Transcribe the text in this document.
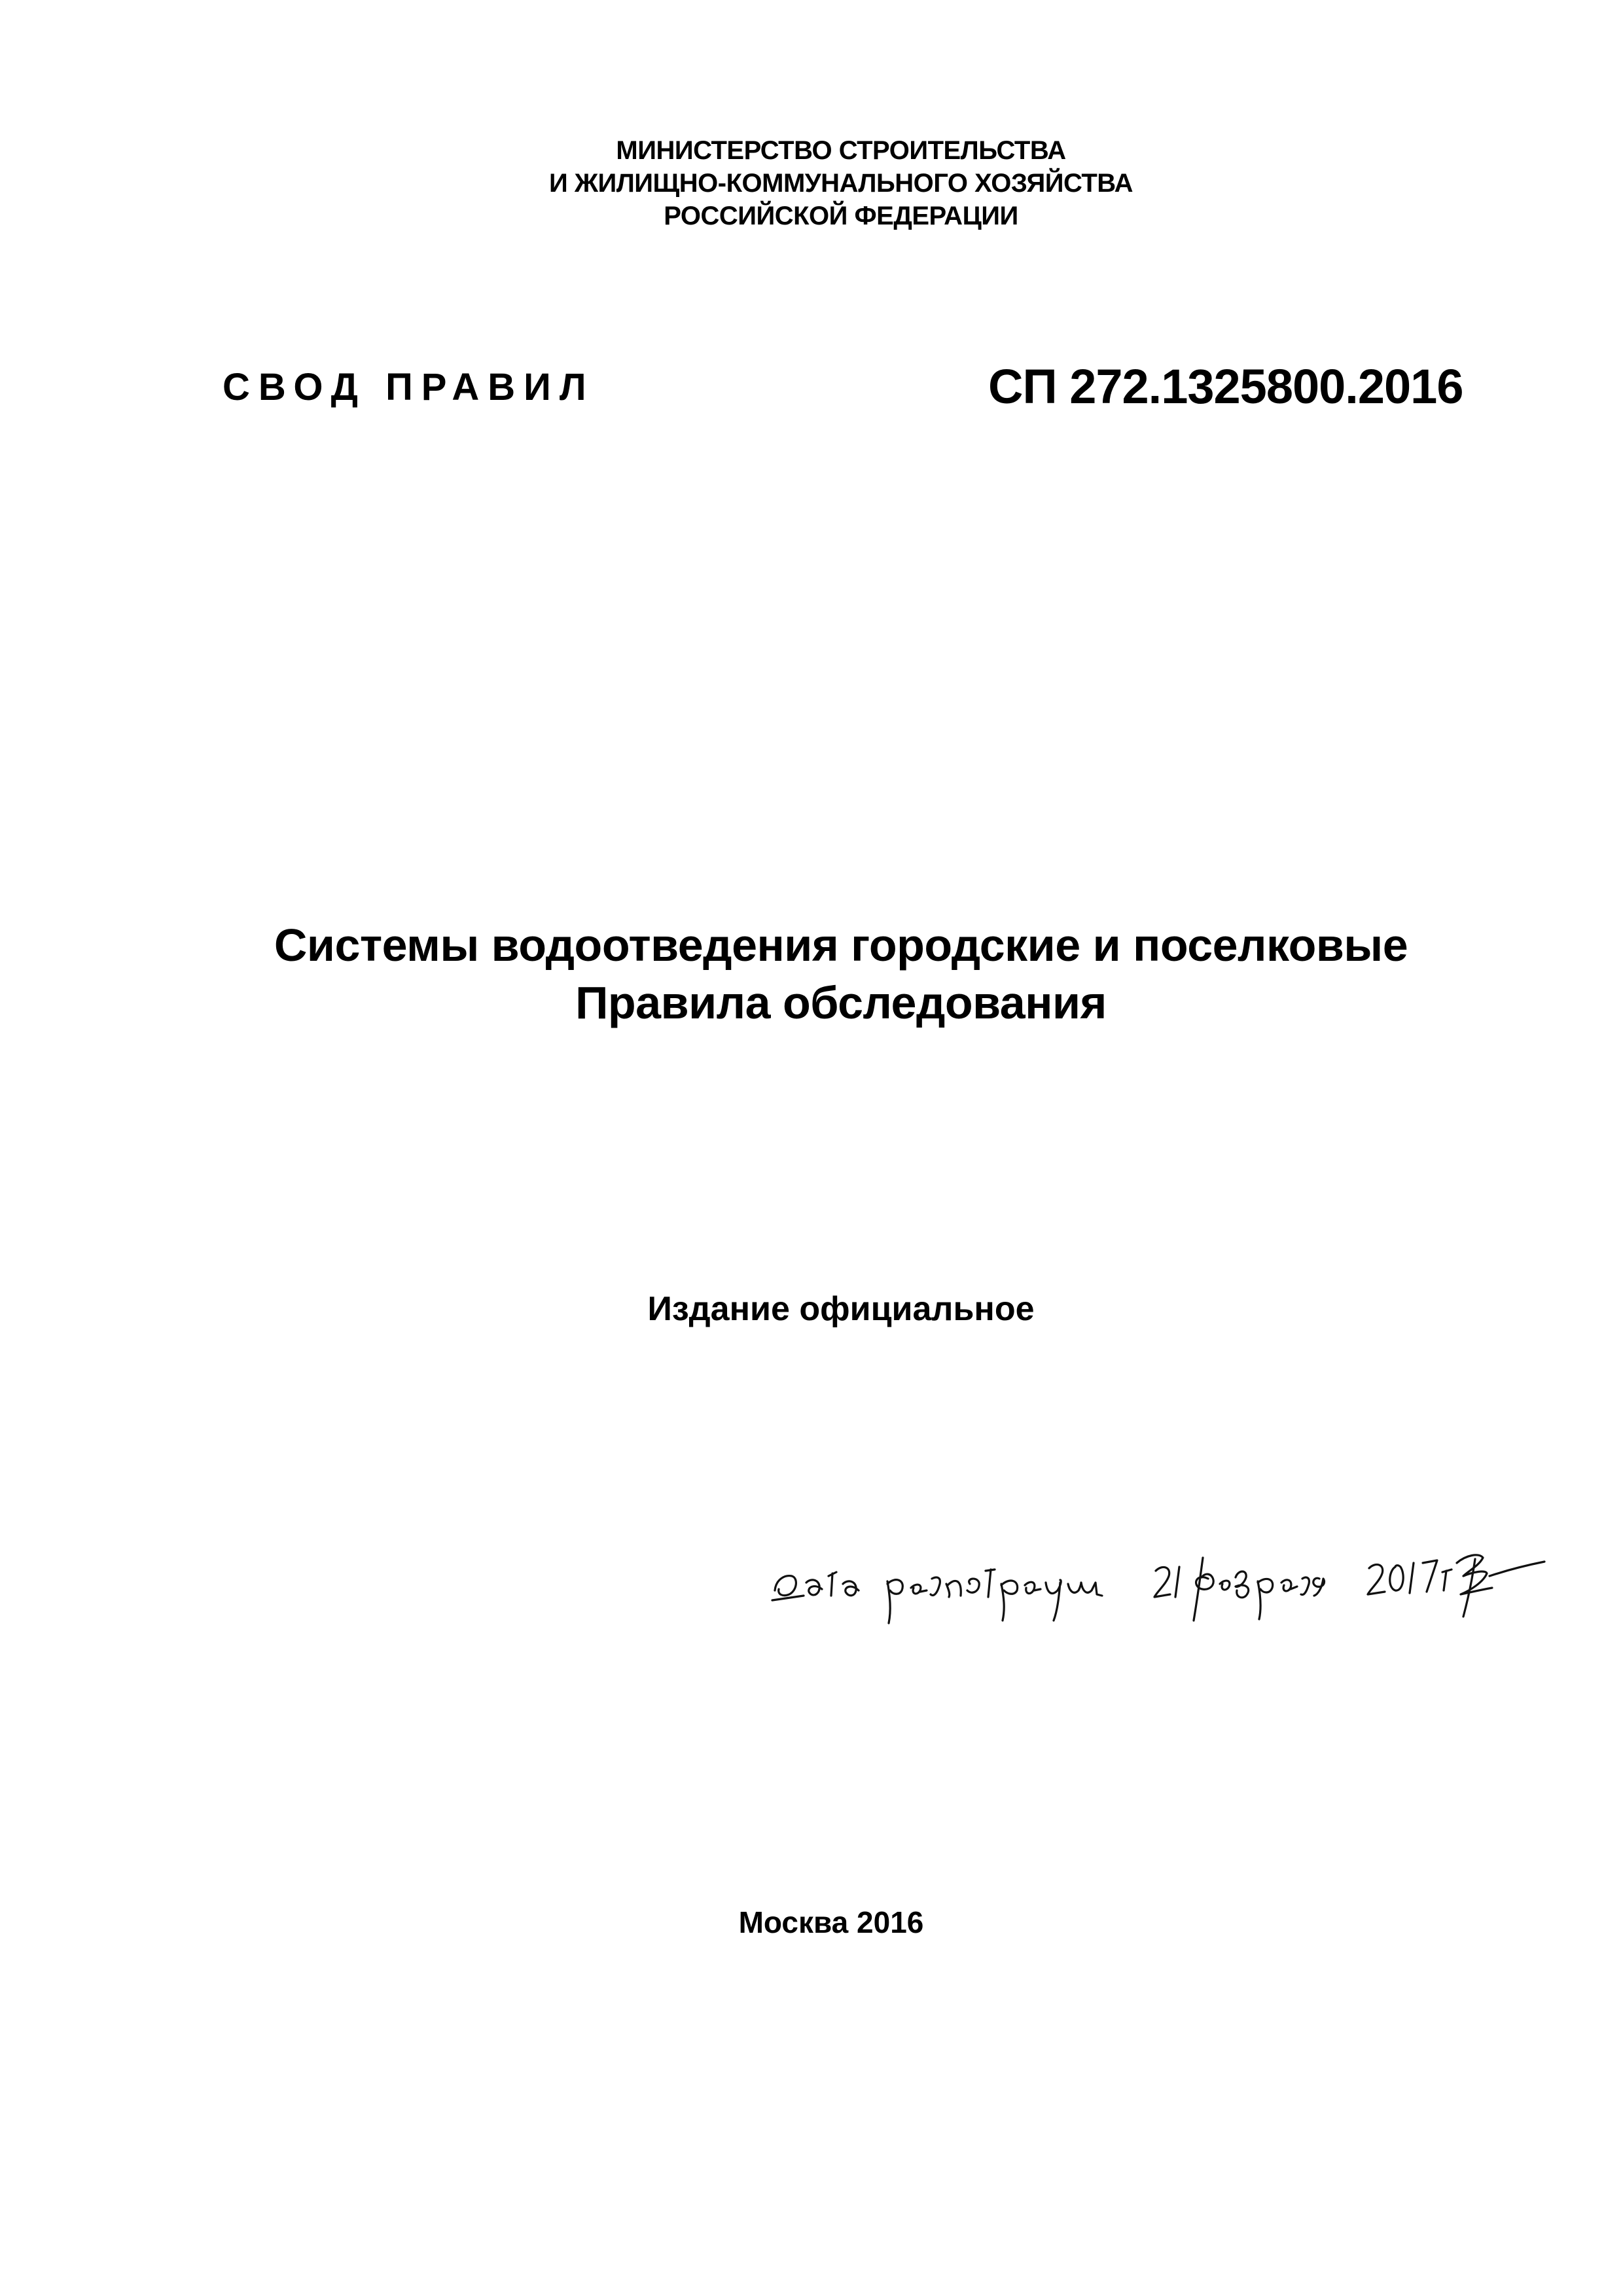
МИНИСТЕРСТВО СТРОИТЕЛЬСТВА
И ЖИЛИЩНО-КОММУНАЛЬНОГО ХОЗЯЙСТВА
РОССИЙСКОЙ ФЕДЕРАЦИИ
СВОД ПРАВИЛ	СП 272.1325800.2016
Системы водоотведения городские и поселковые
Правила обследования
Издание официальное
Москва 2016
